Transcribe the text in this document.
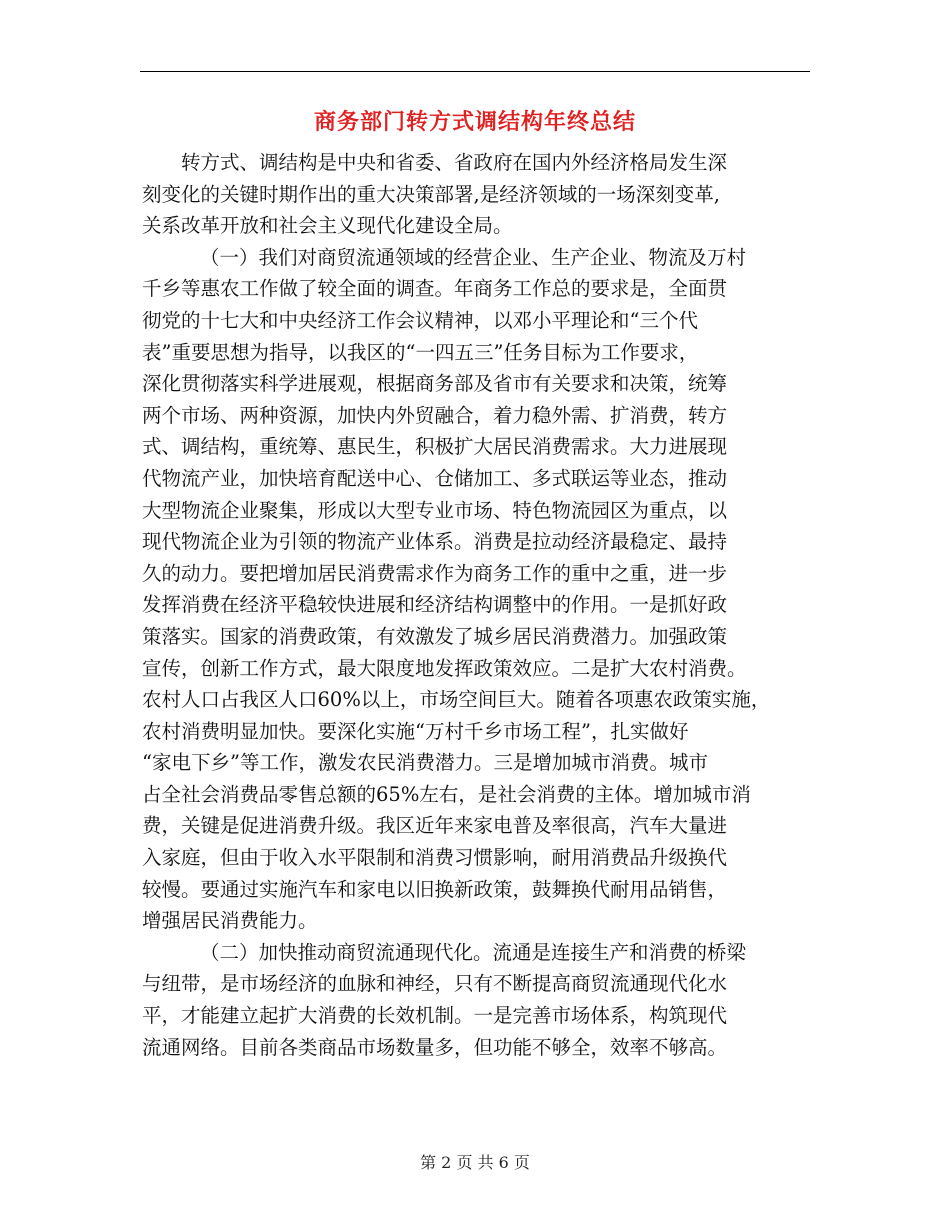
商务部门转方式调结构年终总结
转方式、调结构是中央和省委、省政府在国内外经济格局发生深
刻变化的关键时期作出的重大决策部署,是经济领域的一场深刻变革,
关系改革开放和社会主义现代化建设全局。
（一）我们对商贸流通领域的经营企业、生产企业、物流及万村
千乡等惠农工作做了较全面的调查。年商务工作总的要求是，全面贯
彻党的十七大和中央经济工作会议精神，以邓小平理论和“三个代
表”重要思想为指导，以我区的“一四五三”任务目标为工作要求，
深化贯彻落实科学进展观，根据商务部及省市有关要求和决策，统筹
两个市场、两种资源，加快内外贸融合，着力稳外需、扩消费，转方
式、调结构，重统筹、惠民生，积极扩大居民消费需求。大力进展现
代物流产业，加快培育配送中心、仓储加工、多式联运等业态，推动
大型物流企业聚集，形成以大型专业市场、特色物流园区为重点，以
现代物流企业为引领的物流产业体系。消费是拉动经济最稳定、最持
久的动力。要把增加居民消费需求作为商务工作的重中之重，进一步
发挥消费在经济平稳较快进展和经济结构调整中的作用。一是抓好政
策落实。国家的消费政策，有效激发了城乡居民消费潜力。加强政策
宣传，创新工作方式，最大限度地发挥政策效应。二是扩大农村消费。
农村人口占我区人口60%以上，市场空间巨大。随着各项惠农政策实施，
农村消费明显加快。要深化实施“万村千乡市场工程”，扎实做好
“家电下乡”等工作，激发农民消费潜力。三是增加城市消费。城市
占全社会消费品零售总额的65%左右，是社会消费的主体。增加城市消
费，关键是促进消费升级。我区近年来家电普及率很高，汽车大量进
入家庭，但由于收入水平限制和消费习惯影响，耐用消费品升级换代
较慢。要通过实施汽车和家电以旧换新政策，鼓舞换代耐用品销售，
增强居民消费能力。
（二）加快推动商贸流通现代化。流通是连接生产和消费的桥梁
与纽带，是市场经济的血脉和神经，只有不断提高商贸流通现代化水
平，才能建立起扩大消费的长效机制。一是完善市场体系，构筑现代
流通网络。目前各类商品市场数量多，但功能不够全，效率不够高。
第 2 页 共 6 页
